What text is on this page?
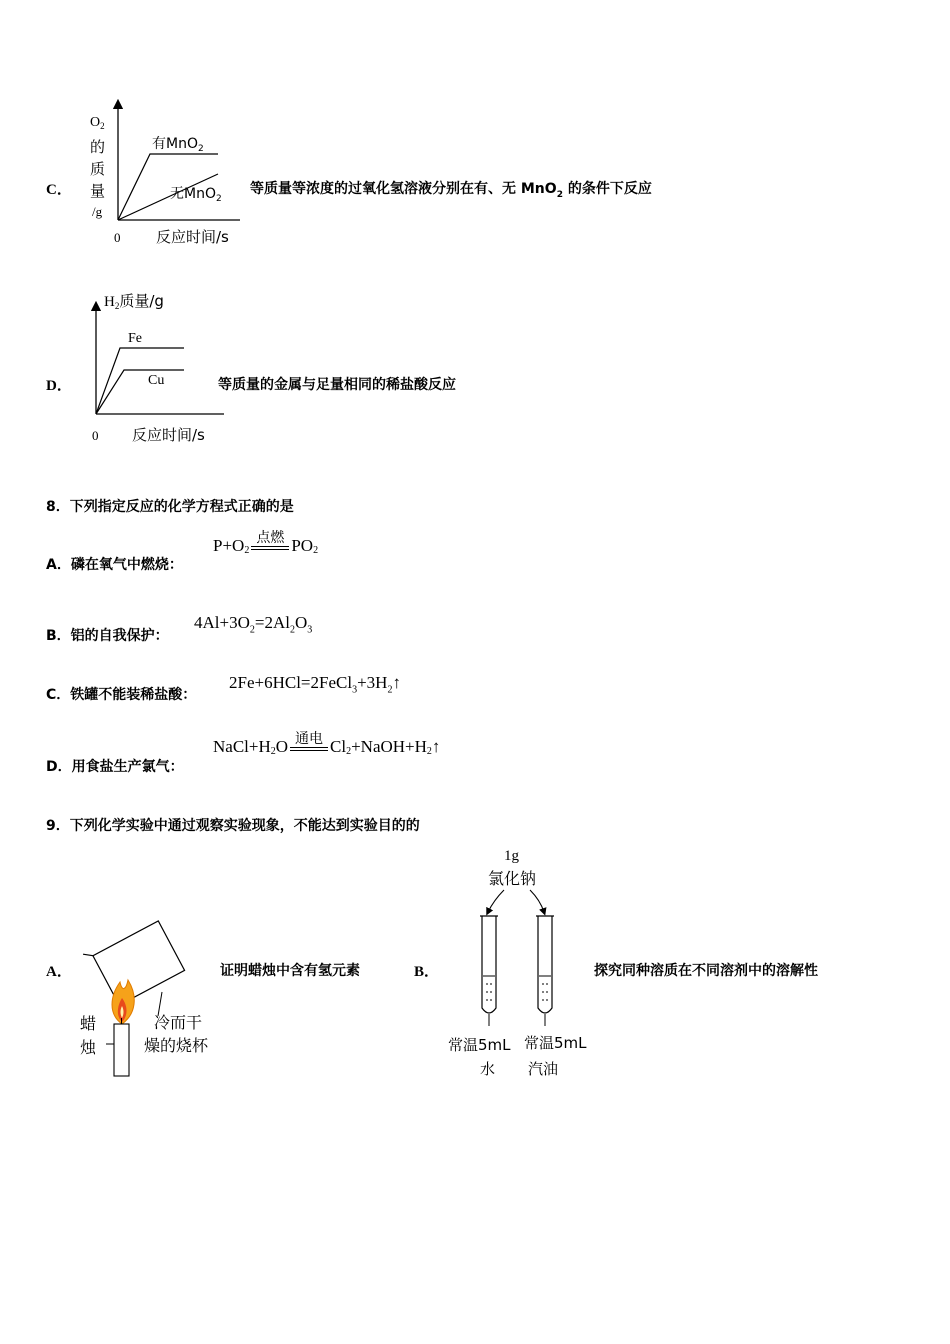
C．
$O_2$
的
质
量
/g
0 反应时间/s
有MnO$_2$
无MnO$_2$
等质量等浓度的过氧化氢溶液分别在有、无 MnO$_2$ 的条件下反应
D．
$H_2$质量/g
Fe
Cu
0 反应时间/s
等质量的金属与足量相同的稀盐酸反应
8．下列指定反应的化学方程式正确的是
A．磷在氧气中燃烧：
$P+O_2$
点燃 $PO_2$
B．铝的自我保护：
$4Al+3O_2=2Al_2O_3$
C．铁罐不能装稀盐酸：
$2Fe+6HCl=2FeCl_3+3H_2↑$
D．用食盐生产氯气：
$NaCl+H_2$ O 通电 $Cl_2$ $+NaOH+H_2$ ↑
9．下列化学实验中通过观察实验现象，不能达到实验目的的
A．
蜡
烛
冷而干
燥的烧杯
证明蜡烛中含有氢元素	B．
1g
氯化钠
常温5mL
水
常温5mL
汽油
探究同种溶质在不同溶剂中的溶解性
